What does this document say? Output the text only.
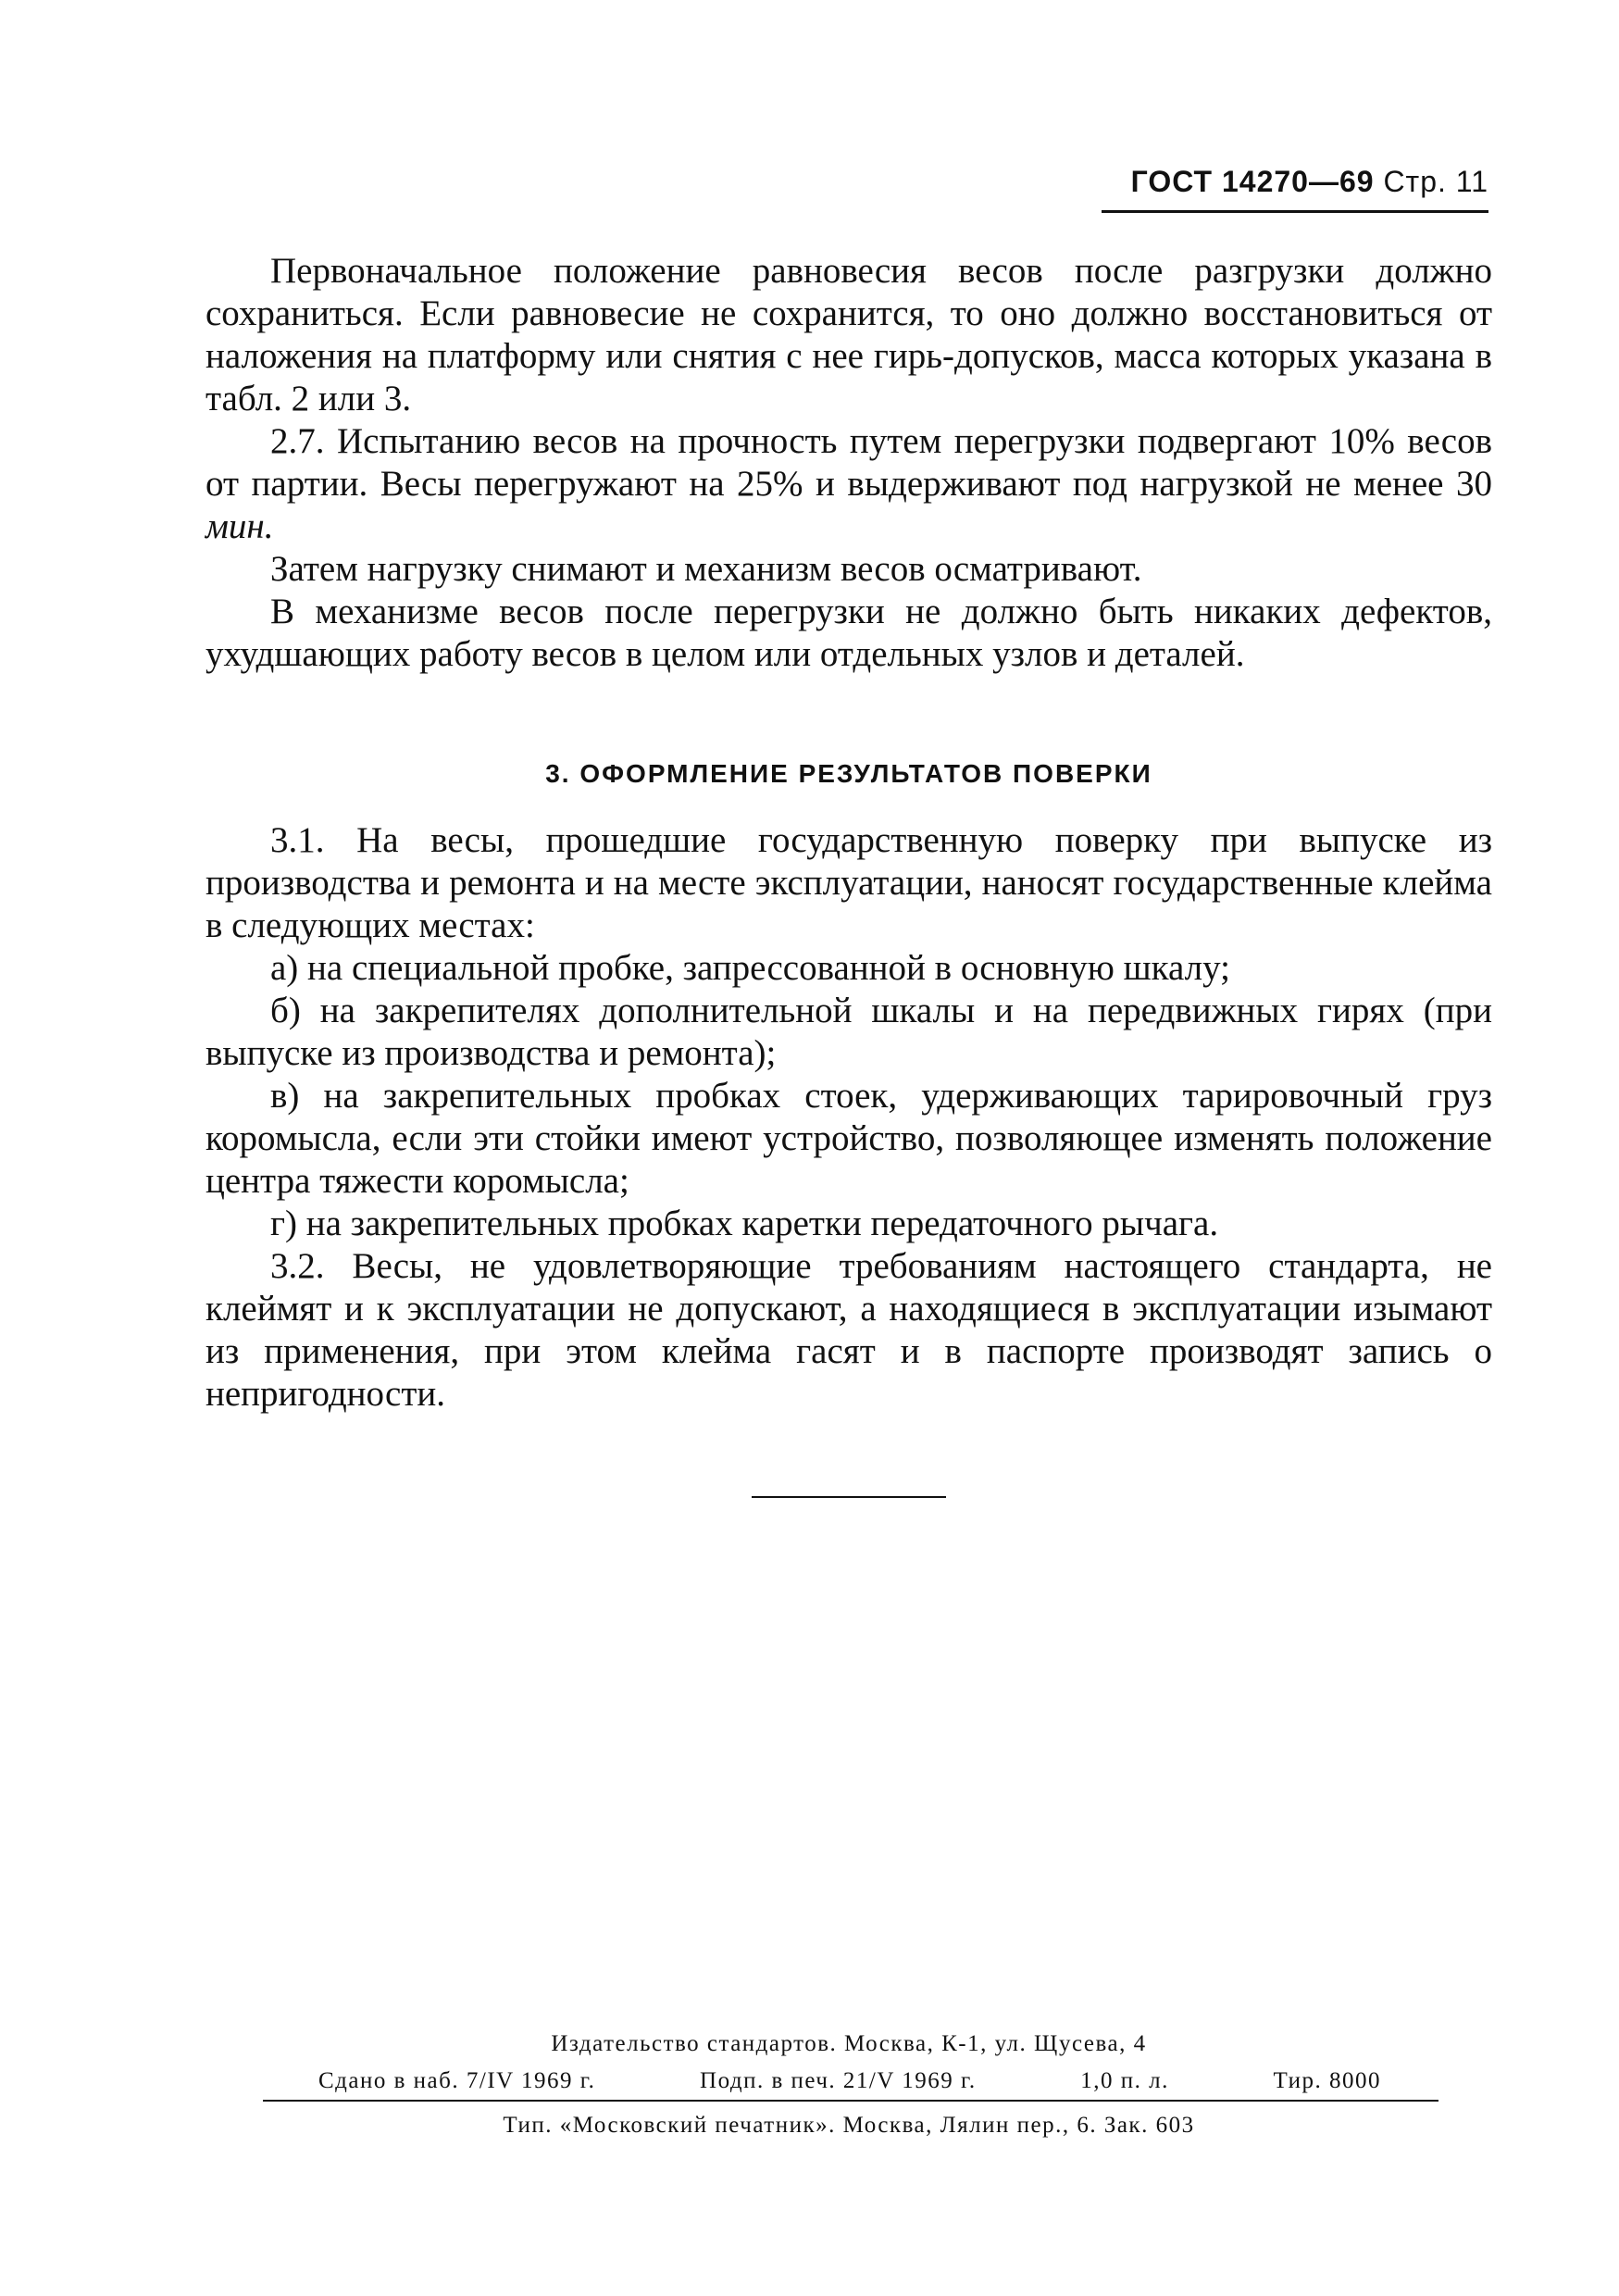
ГОСТ 14270—69 Стр. 11

Первоначальное положение равновесия весов после разгрузки должно сохраниться. Если равновесие не сохранится, то оно должно восстановиться от наложения на платформу или снятия с нее гирь-допусков, масса которых указана в табл. 2 или 3.

2.7. Испытанию весов на прочность путем перегрузки подвергают 10% весов от партии. Весы перегружают на 25% и выдерживают под нагрузкой не менее 30 мин.

Затем нагрузку снимают и механизм весов осматривают.

В механизме весов после перегрузки не должно быть никаких дефектов, ухудшающих работу весов в целом или отдельных узлов и деталей.

3. ОФОРМЛЕНИЕ РЕЗУЛЬТАТОВ ПОВЕРКИ

3.1. На весы, прошедшие государственную поверку при выпуске из производства и ремонта и на месте эксплуатации, наносят государственные клейма в следующих местах:

а) на специальной пробке, запрессованной в основную шкалу;

б) на закрепителях дополнительной шкалы и на передвижных гирях (при выпуске из производства и ремонта);

в) на закрепительных пробках стоек, удерживающих тарировочный груз коромысла, если эти стойки имеют устройство, позволяющее изменять положение центра тяжести коромысла;

г) на закрепительных пробках каретки передаточного рычага.

3.2. Весы, не удовлетворяющие требованиям настоящего стандарта, не клеймят и к эксплуатации не допускают, а находящиеся в эксплуатации изымают из применения, при этом клейма гасят и в паспорте производят запись о непригодности.

Издательство стандартов. Москва, К-1, ул. Щусева, 4
Сдано в наб. 7/IV 1969 г.	Подп. в печ. 21/V 1969 г.	1,0 п. л.	Тир. 8000
Тип. «Московский печатник». Москва, Лялин пер., 6. Зак. 603
